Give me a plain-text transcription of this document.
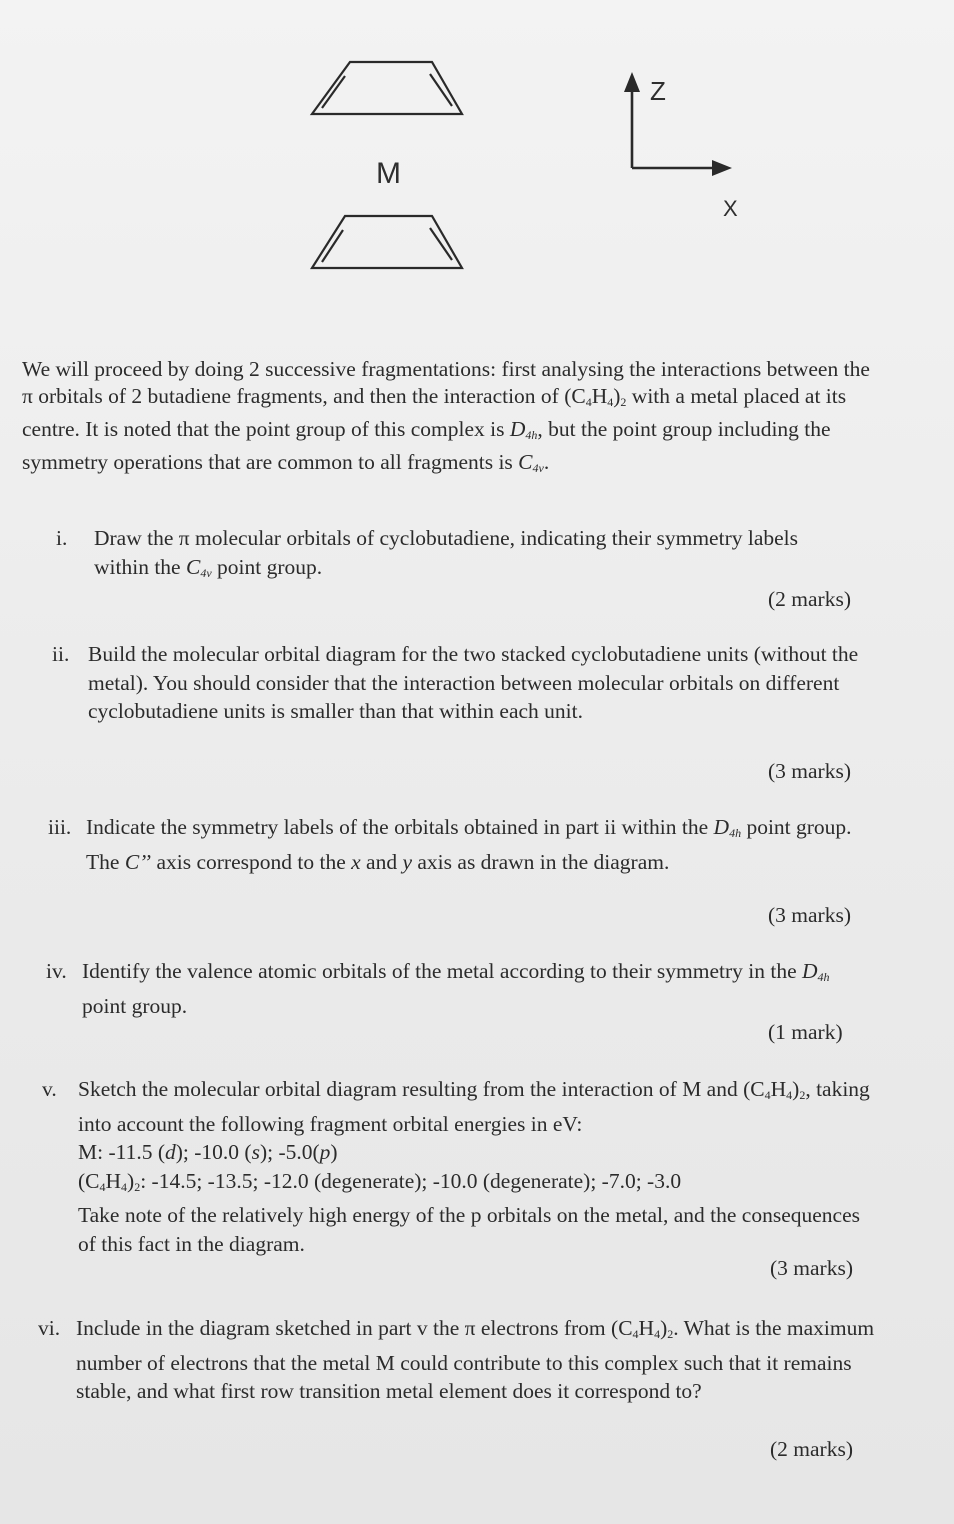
M
Z
X

We will proceed by doing 2 successive fragmentations: first analysing the interactions between the π orbitals of 2 butadiene fragments, and then the interaction of $(C_4H_4)_2$ with a metal placed at its centre. It is noted that the point group of this complex is $D_{4h}$, but the point group including the symmetry operations that are common to all fragments is $C_{4v}$.

i. Draw the π molecular orbitals of cyclobutadiene, indicating their symmetry labels within the $C_{4v}$ point group.
(2 marks)
ii. Build the molecular orbital diagram for the two stacked cyclobutadiene units (without the metal). You should consider that the interaction between molecular orbitals on different cyclobutadiene units is smaller than that within each unit.
(3 marks)
iii. Indicate the symmetry labels of the orbitals obtained in part ii within the $D_{4h}$ point group. The C’’ axis correspond to the x and y axis as drawn in the diagram.
(3 marks)
iv. Identify the valence atomic orbitals of the metal according to their symmetry in the $D_{4h}$ point group.
(1 mark)
v. Sketch the molecular orbital diagram resulting from the interaction of M and $(C_4H_4)_2$, taking into account the following fragment orbital energies in eV:
M: -11.5 (d); -10.0 (s); -5.0(p)
$(C_4H_4)_2$: -14.5; -13.5; -12.0 (degenerate); -10.0 (degenerate); -7.0; -3.0
Take note of the relatively high energy of the p orbitals on the metal, and the consequences of this fact in the diagram.
(3 marks)
vi. Include in the diagram sketched in part v the π electrons from $(C_4H_4)_2$. What is the maximum number of electrons that the metal M could contribute to this complex such that it remains stable, and what first row transition metal element does it correspond to?
(2 marks)
